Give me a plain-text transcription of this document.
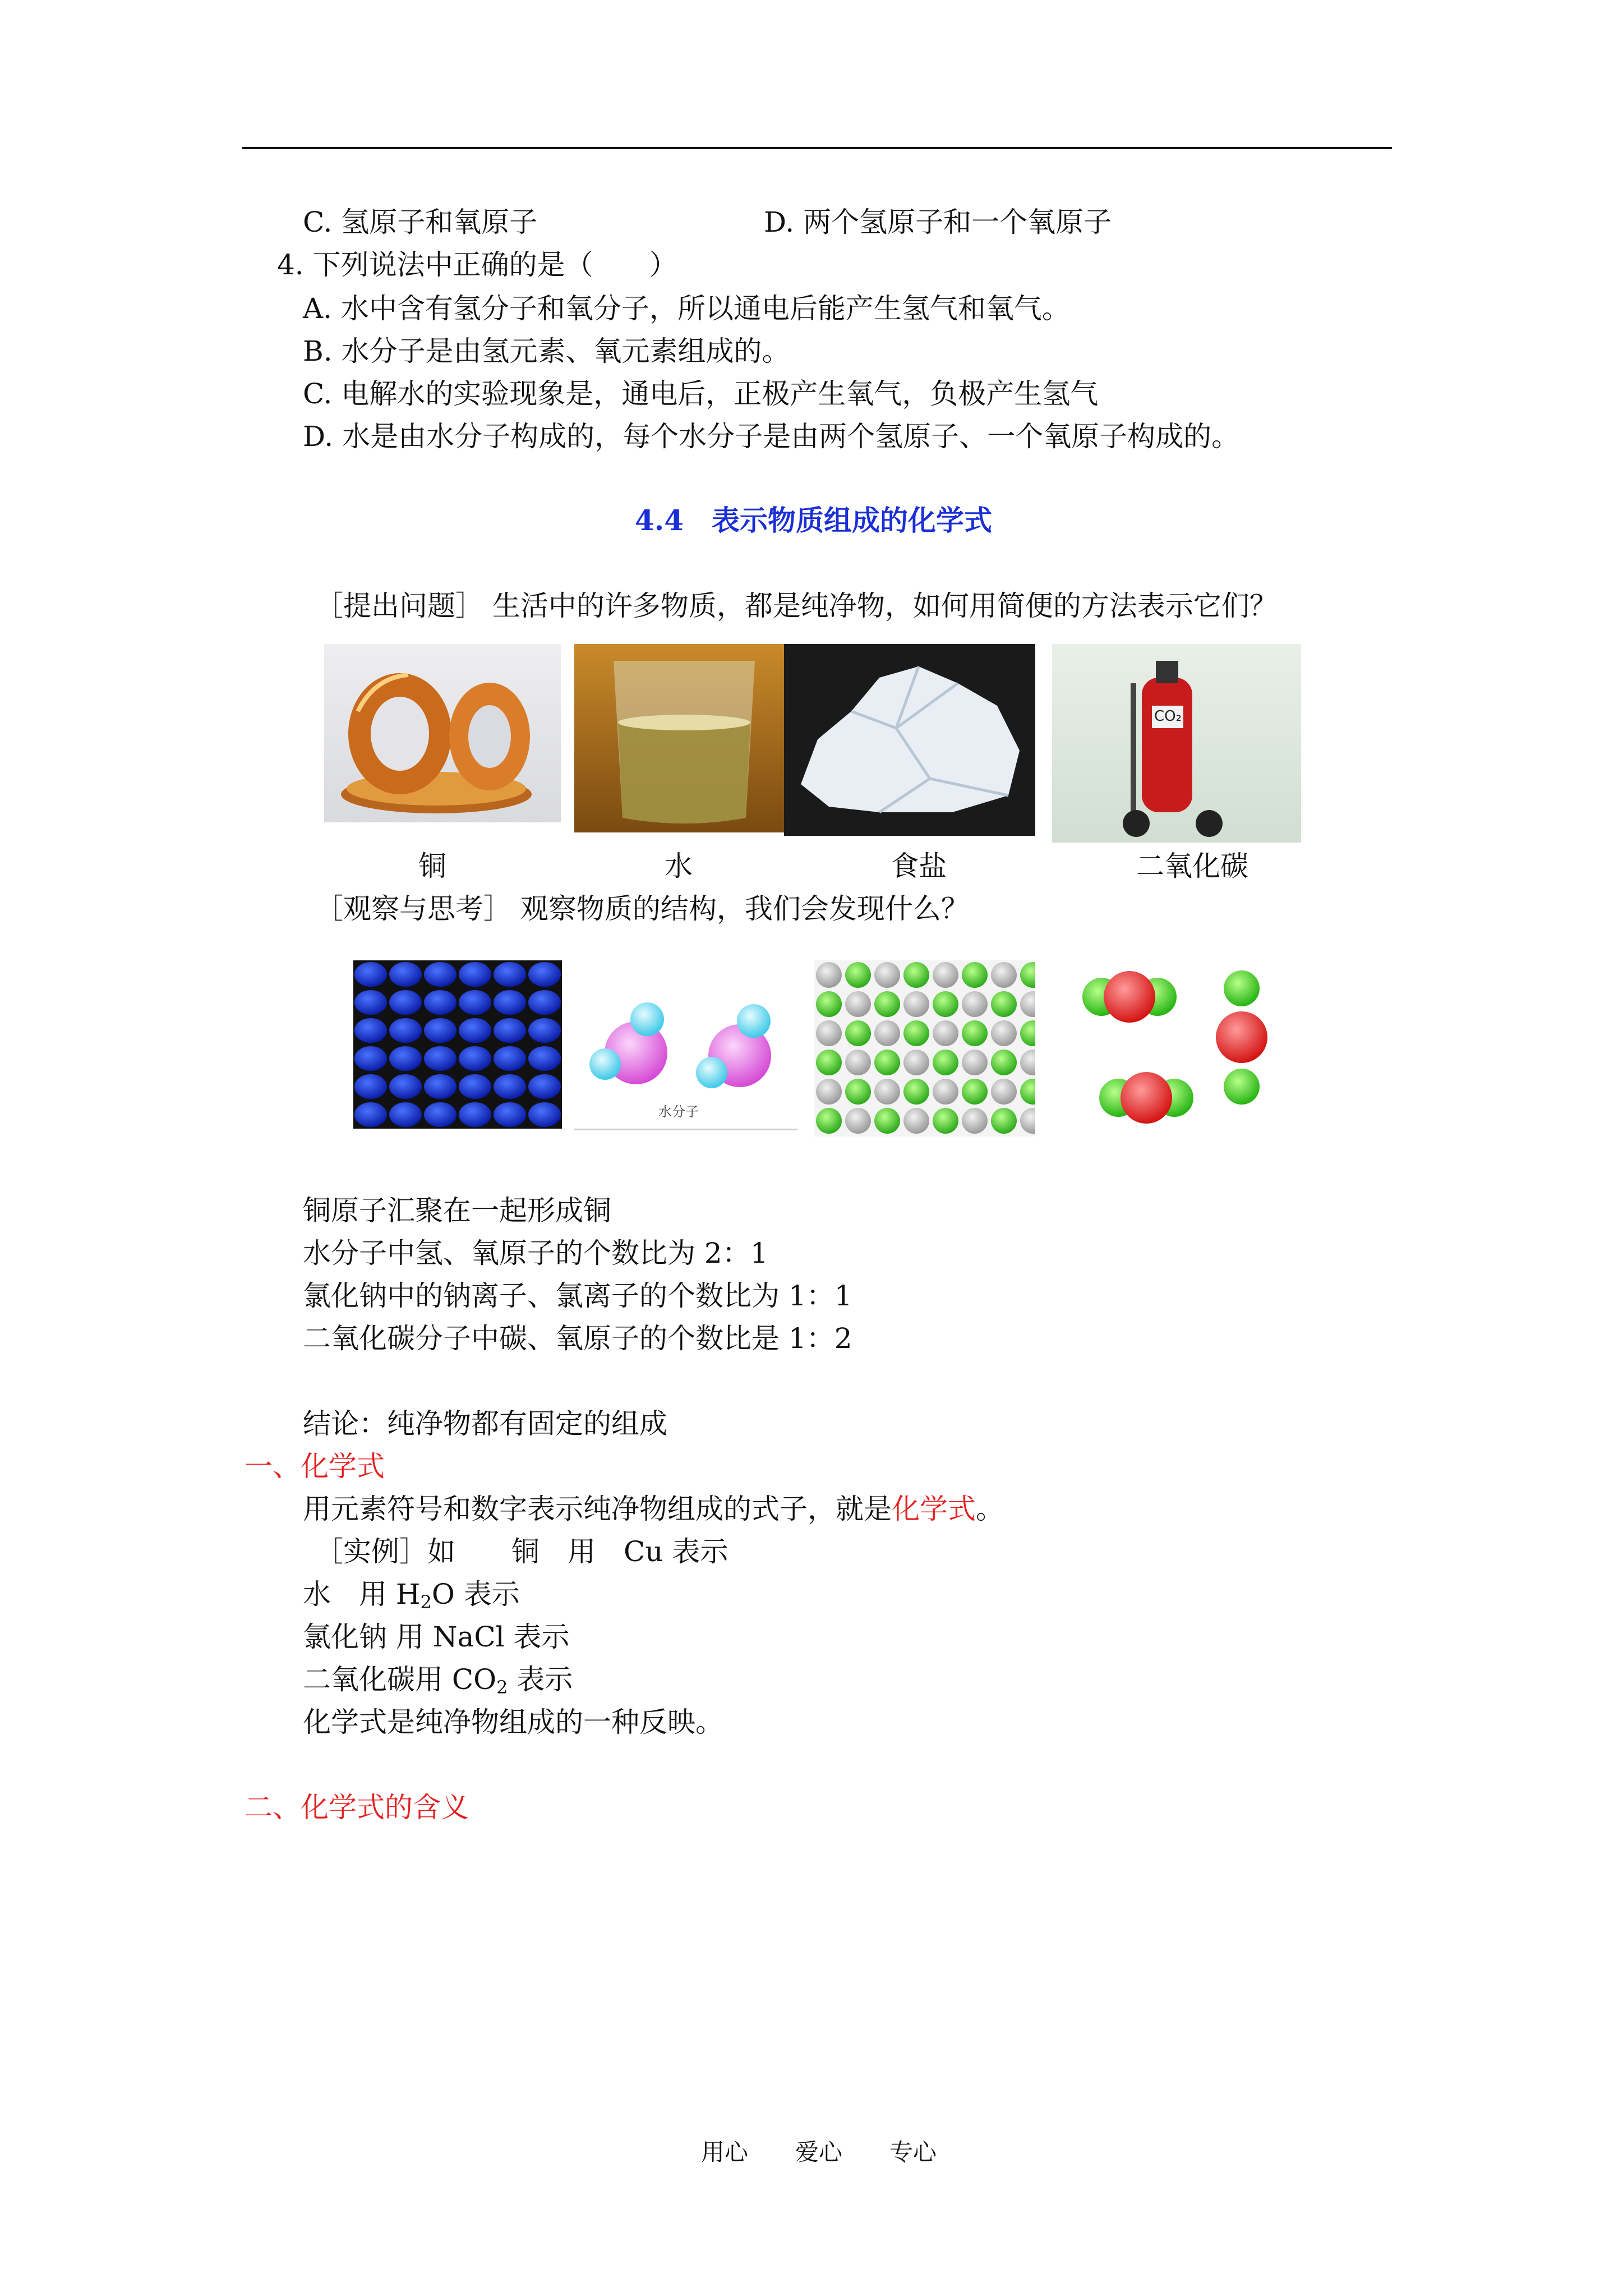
C. 氢原子和氧原子	D. 两个氢原子和一个氧原子
4. 下列说法中正确的是（　　）
A. 水中含有氢分子和氧分子，所以通电后能产生氢气和氧气。
B. 水分子是由氢元素、氧元素组成的。
C. 电解水的实验现象是，通电后，正极产生氧气，负极产生氢气
D. 水是由水分子构成的，每个水分子是由两个氢原子、一个氧原子构成的。
4.4　表示物质组成的化学式
［提出问题］ 生活中的许多物质，都是纯净物，如何用简便的方法表示它们？
CO₂
铜	水	食盐	二氧化碳
［观察与思考］ 观察物质的结构，我们会发现什么？
水分子
铜原子汇聚在一起形成铜
水分子中氢、氧原子的个数比为 2：1
氯化钠中的钠离子、氯离子的个数比为 1：1
二氧化碳分子中碳、氧原子的个数比是 1：2
结论：纯净物都有固定的组成
一、化学式
用元素符号和数字表示纯净物组成的式子，就是化学式。
［实例］如　　铜　用　Cu 表示
水　用 $H_2O$ 表示
氯化钠 用 NaCl 表示
二氧化碳用 $CO_2$ 表示
化学式是纯净物组成的一种反映。
二、化学式的含义
用心　　爱心　　专心
